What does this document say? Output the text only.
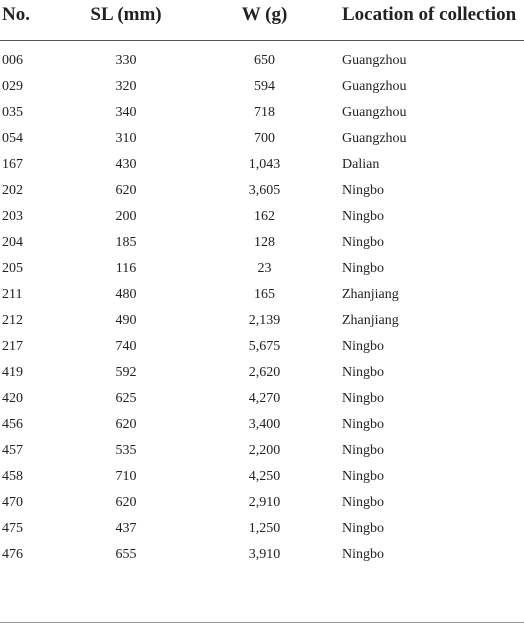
No.	SL (mm)	W (g)	Location of collection

006	330	650	Guangzhou
029	320	594	Guangzhou
035	340	718	Guangzhou
054	310	700	Guangzhou
167	430	1,043	Dalian
202	620	3,605	Ningbo
203	200	162	Ningbo
204	185	128	Ningbo
205	116	23	Ningbo
211	480	165	Zhanjiang
212	490	2,139	Zhanjiang
217	740	5,675	Ningbo
419	592	2,620	Ningbo
420	625	4,270	Ningbo
456	620	3,400	Ningbo
457	535	2,200	Ningbo
458	710	4,250	Ningbo
470	620	2,910	Ningbo
475	437	1,250	Ningbo
476	655	3,910	Ningbo
